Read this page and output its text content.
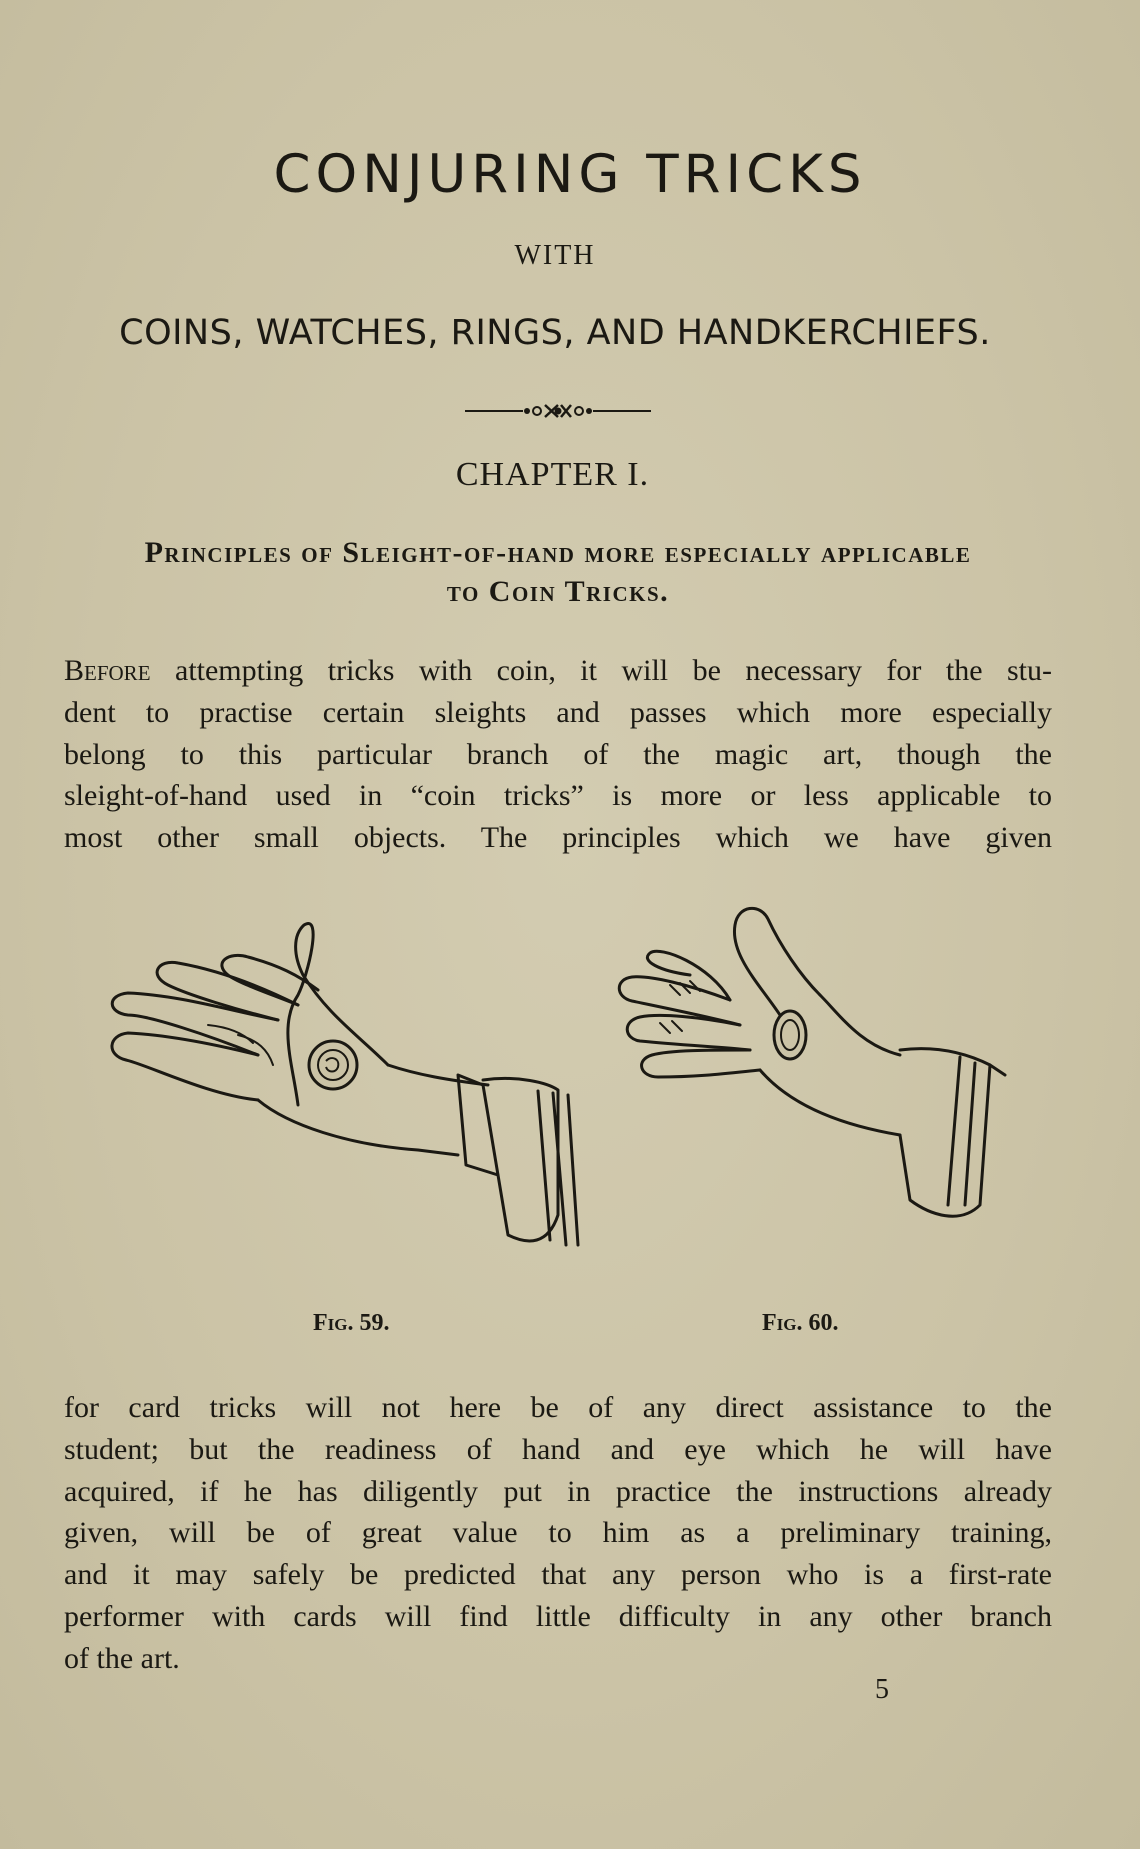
CONJURING TRICKS
WITH
COINS, WATCHES, RINGS, AND HANDKERCHIEFS.
CHAPTER I.
Principles of Sleight-of-hand more especially applicable
to Coin Tricks.
Before attempting tricks with coin, it will be necessary for the stu-
dent to practise certain sleights and passes which more especially
belong to this particular branch of the magic art, though the
sleight-of-hand used in “coin tricks” is more or less applicable to
most other small objects. The principles which we have given
Fig. 59.	Fig. 60.
for card tricks will not here be of any direct assistance to the
student; but the readiness of hand and eye which he will have
acquired, if he has diligently put in practice the instructions already
given, will be of great value to him as a preliminary training,
and it may safely be predicted that any person who is a first-rate
performer with cards will find little difficulty in any other branch
of the art.
5
